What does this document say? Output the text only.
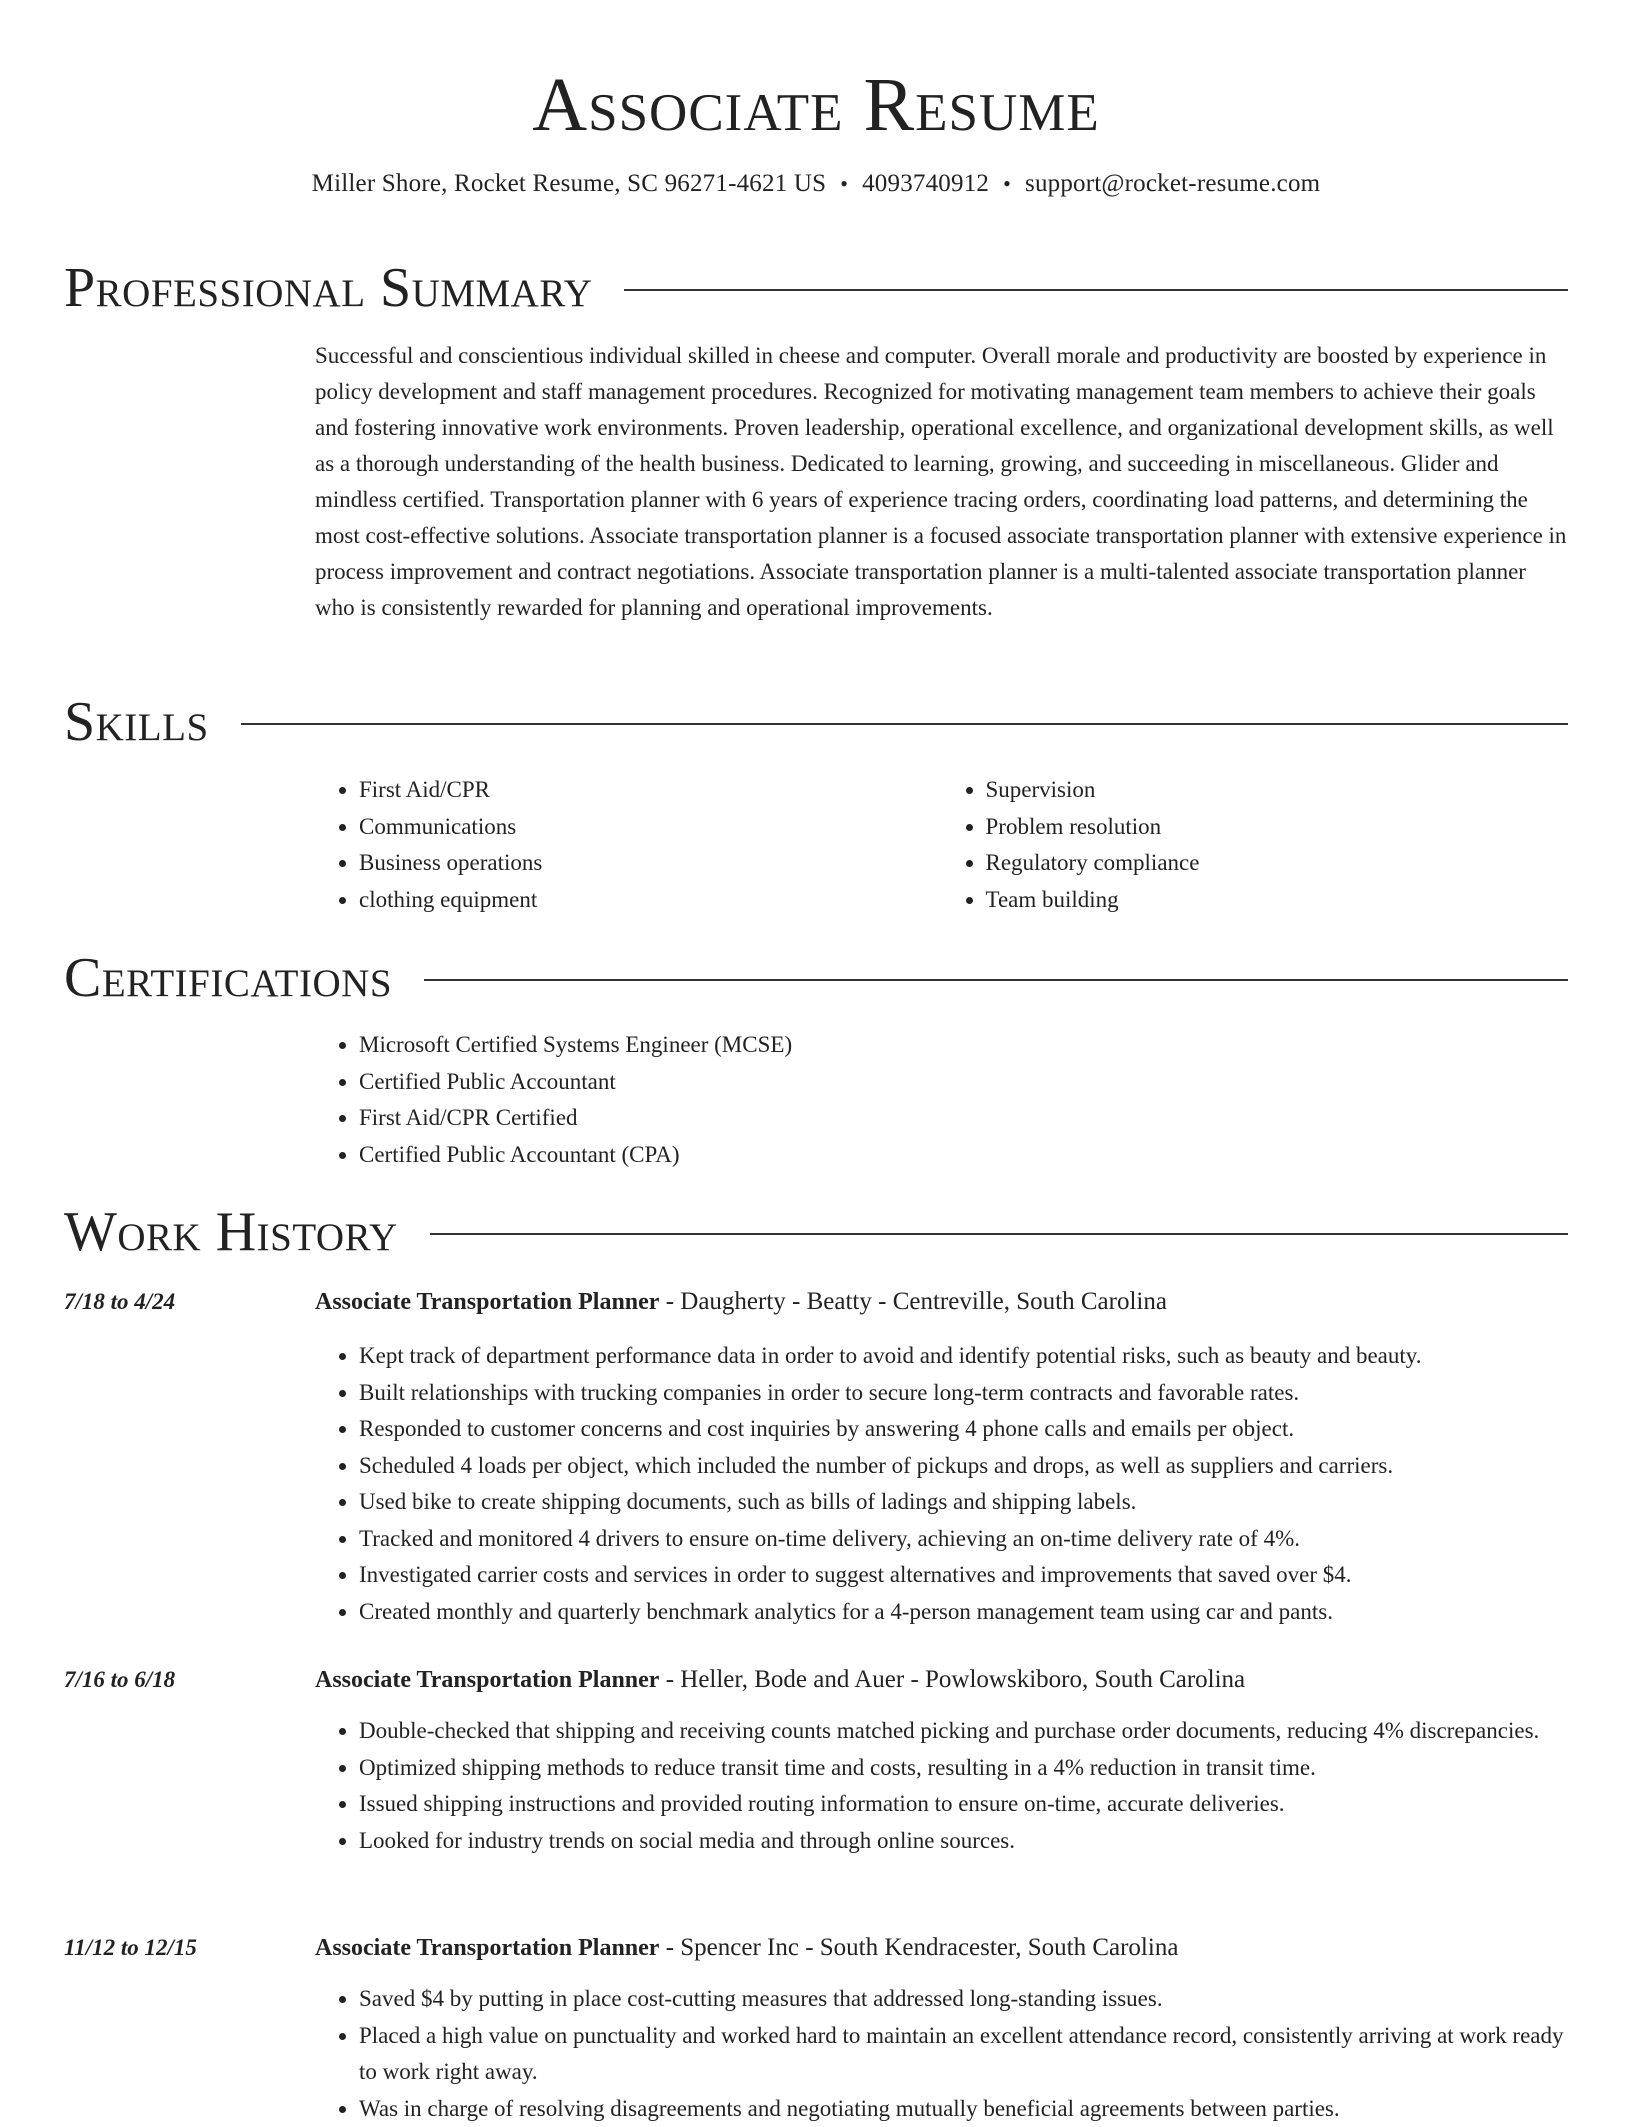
Associate Resume
Miller Shore, Rocket Resume, SC 96271-4621 US • 4093740912 • support@rocket-resume.com
Professional Summary

Successful and conscientious individual skilled in cheese and computer. Overall morale and productivity are boosted by experience in policy development and staff management procedures. Recognized for motivating management team members to achieve their goals and fostering innovative work environments. Proven leadership, operational excellence, and organizational development skills, as well as a thorough understanding of the health business. Dedicated to learning, growing, and succeeding in miscellaneous. Glider and mindless certified. Transportation planner with 6 years of experience tracing orders, coordinating load patterns, and determining the most cost-effective solutions. Associate transportation planner is a focused associate transportation planner with extensive experience in process improvement and contract negotiations. Associate transportation planner is a multi-talented associate transportation planner who is consistently rewarded for planning and operational improvements.

Skills
• First Aid/CPR
• Communications
• Business operations
• clothing equipment
• Supervision
• Problem resolution
• Regulatory compliance
• Team building
Certifications
• Microsoft Certified Systems Engineer (MCSE)
• Certified Public Accountant
• First Aid/CPR Certified
• Certified Public Accountant (CPA)
Work History
7/18 to 4/24	Associate Transportation Planner - Daugherty - Beatty - Centreville, South Carolina
• Kept track of department performance data in order to avoid and identify potential risks, such as beauty and beauty.
• Built relationships with trucking companies in order to secure long-term contracts and favorable rates.
• Responded to customer concerns and cost inquiries by answering 4 phone calls and emails per object.
• Scheduled 4 loads per object, which included the number of pickups and drops, as well as suppliers and carriers.
• Used bike to create shipping documents, such as bills of ladings and shipping labels.
• Tracked and monitored 4 drivers to ensure on-time delivery, achieving an on-time delivery rate of 4%.
• Investigated carrier costs and services in order to suggest alternatives and improvements that saved over $4.
• Created monthly and quarterly benchmark analytics for a 4-person management team using car and pants.
7/16 to 6/18	Associate Transportation Planner - Heller, Bode and Auer - Powlowskiboro, South Carolina
• Double-checked that shipping and receiving counts matched picking and purchase order documents, reducing 4% discrepancies.
• Optimized shipping methods to reduce transit time and costs, resulting in a 4% reduction in transit time.
• Issued shipping instructions and provided routing information to ensure on-time, accurate deliveries.
• Looked for industry trends on social media and through online sources.
11/12 to 12/15	Associate Transportation Planner - Spencer Inc - South Kendracester, South Carolina
• Saved $4 by putting in place cost-cutting measures that addressed long-standing issues.
• Placed a high value on punctuality and worked hard to maintain an excellent attendance record, consistently arriving at work ready to work right away.
• Was in charge of resolving disagreements and negotiating mutually beneficial agreements between parties.
